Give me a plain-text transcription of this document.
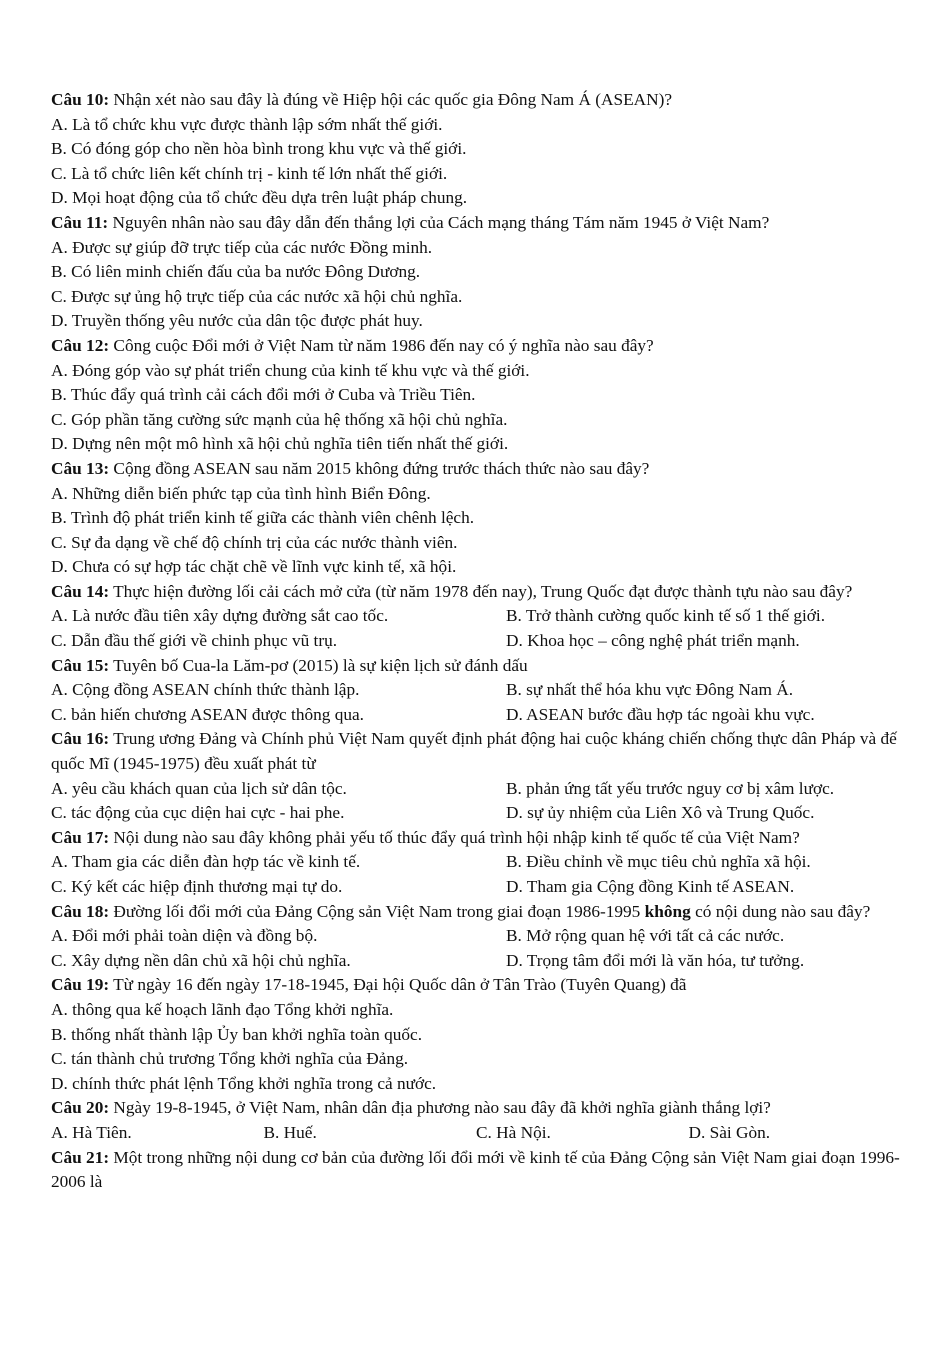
Câu 10: Nhận xét nào sau đây là đúng về Hiệp hội các quốc gia Đông Nam Á (ASEAN)?

A. Là tổ chức khu vực được thành lập sớm nhất thế giới.

B. Có đóng góp cho nền hòa bình trong khu vực và thế giới.

C. Là tổ chức liên kết chính trị - kinh tế lớn nhất thế giới.

D. Mọi hoạt động của tổ chức đều dựa trên luật pháp chung.

Câu 11: Nguyên nhân nào sau đây dẫn đến thắng lợi của Cách mạng tháng Tám năm 1945 ở Việt Nam?

A. Được sự giúp đỡ trực tiếp của các nước Đồng minh.

B. Có liên minh chiến đấu của ba nước Đông Dương.

C. Được sự ủng hộ trực tiếp của các nước xã hội chủ nghĩa.

D. Truyền thống yêu nước của dân tộc được phát huy.

Câu 12: Công cuộc Đổi mới ở Việt Nam từ năm 1986 đến nay có ý nghĩa nào sau đây?

A. Đóng góp vào sự phát triển chung của kinh tế khu vực và thế giới.

B. Thúc đẩy quá trình cải cách đổi mới ở Cuba và Triều Tiên.

C. Góp phần tăng cường sức mạnh của hệ thống xã hội chủ nghĩa.

D. Dựng nên một mô hình xã hội chủ nghĩa tiên tiến nhất thế giới.

Câu 13: Cộng đồng ASEAN sau năm 2015 không đứng trước thách thức nào sau đây?

A. Những diễn biến phức tạp của tình hình Biển Đông.

B. Trình độ phát triển kinh tế giữa các thành viên chênh lệch.

C. Sự đa dạng về chế độ chính trị của các nước thành viên.

D. Chưa có sự hợp tác chặt chẽ về lĩnh vực kinh tế, xã hội.

Câu 14: Thực hiện đường lối cải cách mở cửa (từ năm 1978 đến nay), Trung Quốc đạt được thành tựu nào sau đây?

A. Là nước đầu tiên xây dựng đường sắt cao tốc.	B. Trở thành cường quốc kinh tế số 1 thế giới.
C. Dẫn đầu thế giới về chinh phục vũ trụ.	D. Khoa học – công nghệ phát triển mạnh.

Câu 15: Tuyên bố Cua-la Lăm-pơ (2015) là sự kiện lịch sử đánh dấu

A. Cộng đồng ASEAN chính thức thành lập.	B. sự nhất thể hóa khu vực Đông Nam Á.
C. bản hiến chương ASEAN được thông qua.	D. ASEAN bước đầu hợp tác ngoài khu vực.

Câu 16: Trung ương Đảng và Chính phủ Việt Nam quyết định phát động hai cuộc kháng chiến chống thực dân Pháp và đế quốc Mĩ (1945-1975) đều xuất phát từ

A. yêu cầu khách quan của lịch sử dân tộc.	B. phản ứng tất yếu trước nguy cơ bị xâm lược.
C. tác động của cục diện hai cực - hai phe.	D. sự ủy nhiệm của Liên Xô và Trung Quốc.

Câu 17: Nội dung nào sau đây không phải yếu tố thúc đẩy quá trình hội nhập kinh tế quốc tế của Việt Nam?

A. Tham gia các diễn đàn hợp tác về kinh tế.	B. Điều chỉnh về mục tiêu chủ nghĩa xã hội.
C. Ký kết các hiệp định thương mại tự do.	D. Tham gia Cộng đồng Kinh tế ASEAN.

Câu 18: Đường lối đổi mới của Đảng Cộng sản Việt Nam trong giai đoạn 1986-1995 không có nội dung nào sau đây?

A. Đổi mới phải toàn diện và đồng bộ.	B. Mở rộng quan hệ với tất cả các nước.
C. Xây dựng nền dân chủ xã hội chủ nghĩa.	D. Trọng tâm đổi mới là văn hóa, tư tưởng.

Câu 19: Từ ngày 16 đến ngày 17-18-1945, Đại hội Quốc dân ở Tân Trào (Tuyên Quang) đã

A. thông qua kế hoạch lãnh đạo Tổng khởi nghĩa.

B. thống nhất thành lập Ủy ban khởi nghĩa toàn quốc.

C. tán thành chủ trương Tổng khởi nghĩa của Đảng.

D. chính thức phát lệnh Tổng khởi nghĩa trong cả nước.

Câu 20: Ngày 19-8-1945, ở Việt Nam, nhân dân địa phương nào sau đây đã khởi nghĩa giành thắng lợi?

A. Hà Tiên.	B. Huế.	C. Hà Nội.	D. Sài Gòn.

Câu 21: Một trong những nội dung cơ bản của đường lối đổi mới về kinh tế của Đảng Cộng sản Việt Nam giai đoạn 1996-2006 là
